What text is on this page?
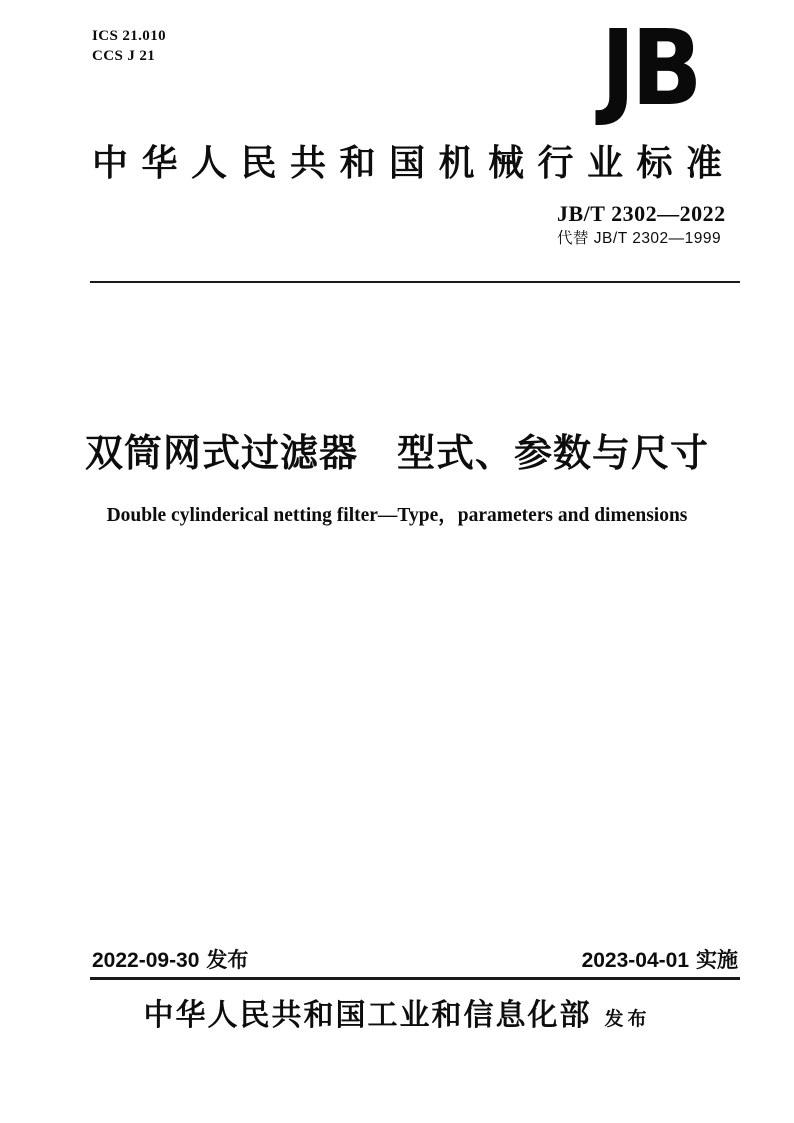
ICS 21.010
CCS J 21	JB
中华人民共和国机械行业标准
JB/T 2302—2022
代替 JB/T 2302—1999
双筒网式过滤器　型式、参数与尺寸
Double cylinderical netting filter—Type，parameters and dimensions
2022-09-30 发布	2023-04-01 实施
中华人民共和国工业和信息化部 发布
